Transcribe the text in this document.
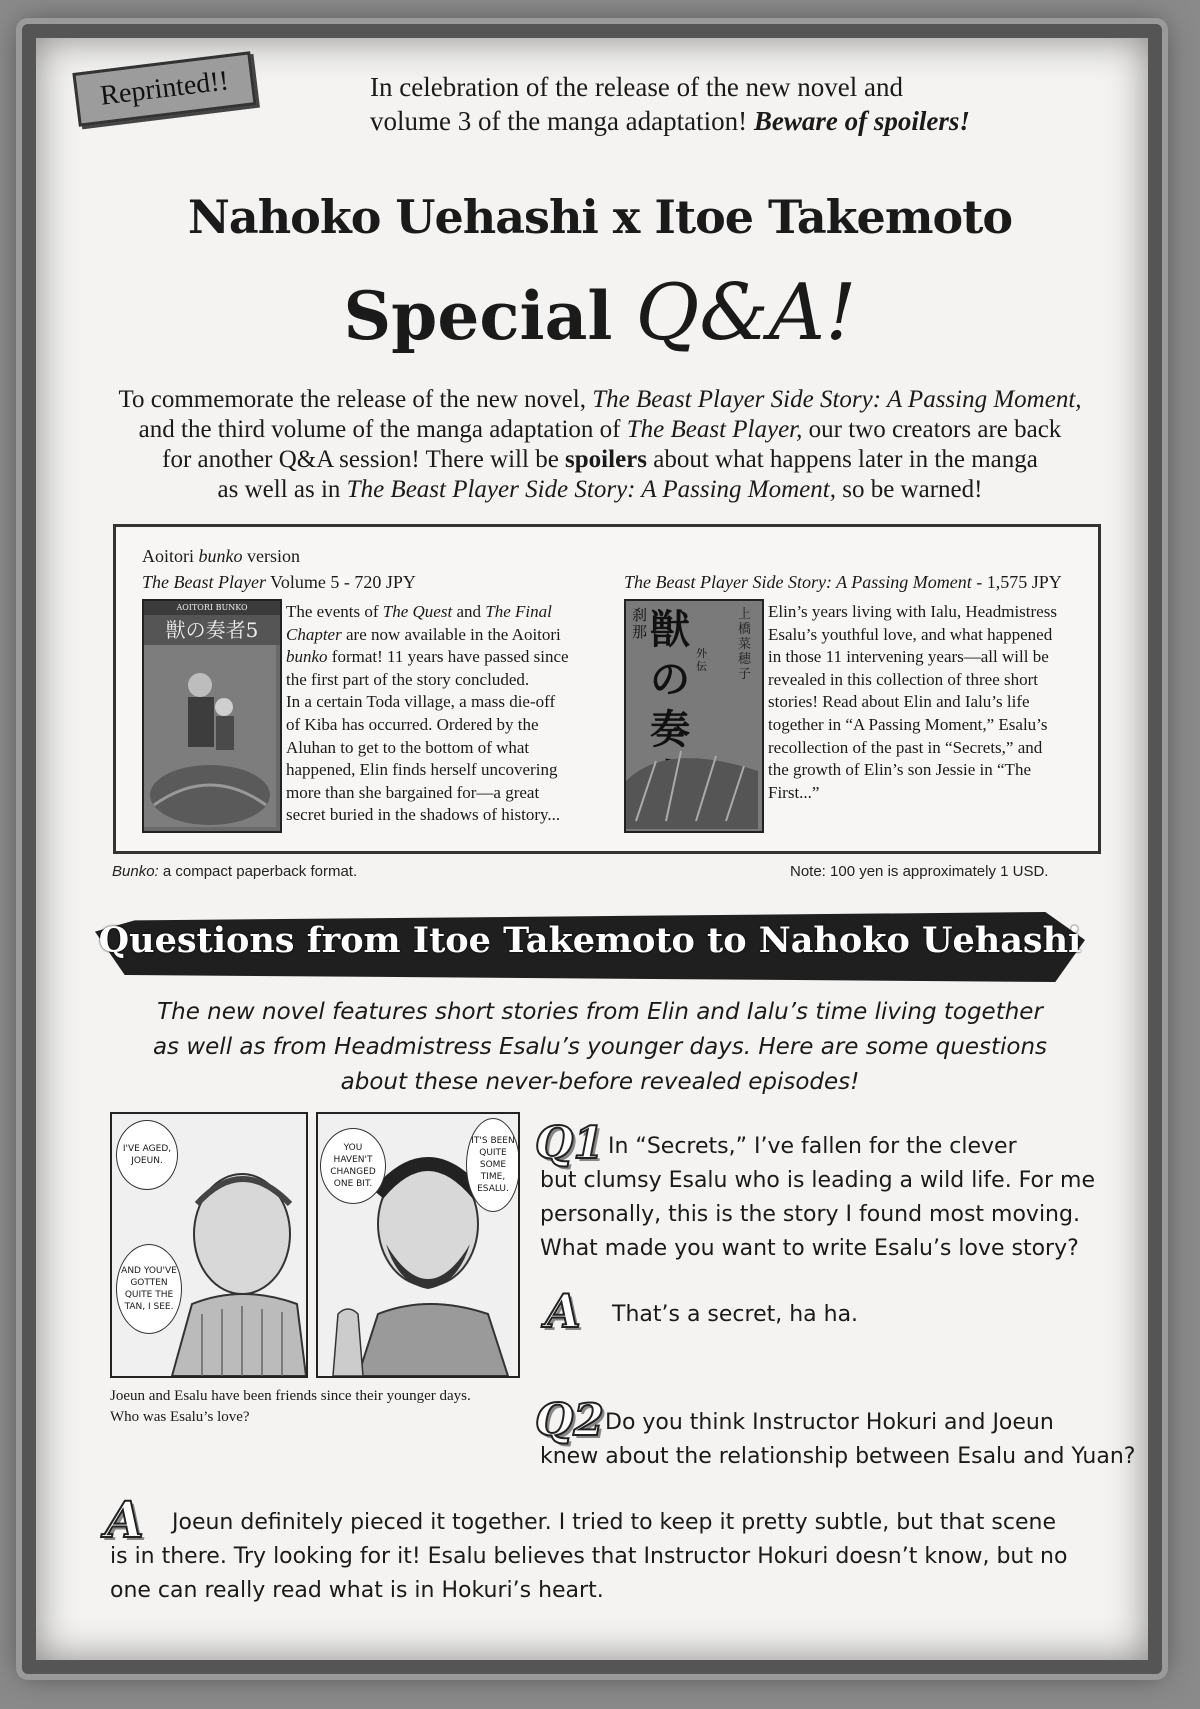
Reprinted!!	In celebration of the release of the new novel and
volume 3 of the manga adaptation! Beware of spoilers!
Nahoko Uehashi x Itoe Takemoto
Special Q&A!
To commemorate the release of the new novel, The Beast Player Side Story: A Passing Moment,
and the third volume of the manga adaptation of The Beast Player, our two creators are back
for another Q&A session! There will be spoilers about what happens later in the manga
as well as in The Beast Player Side Story: A Passing Moment, so be warned!
Aoitori bunko version
The Beast Player Volume 5 - 720 JPY
AOITORI BUNKO
獣の奏者5
The events of The Quest and The Final
Chapter are now available in the Aoitori
bunko format! 11 years have passed since
the first part of the story concluded.
In a certain Toda village, a mass die-off
of Kiba has occurred. Ordered by the
Aluhan to get to the bottom of what
happened, Elin finds herself uncovering
more than she bargained for—a great
secret buried in the shadows of history...
The Beast Player Side Story: A Passing Moment - 1,575 JPY
刹那 獣の奏
外伝
上橋菜穂子
Elin’s years living with Ialu, Headmistress
Esalu’s youthful love, and what happened
in those 11 intervening years—all will be
revealed in this collection of three short
stories! Read about Elin and Ialu’s life
together in “A Passing Moment,” Esalu’s
recollection of the past in “Secrets,” and
the growth of Elin’s son Jessie in “The
First...”
Bunko: a compact paperback format.	Note: 100 yen is approximately 1 USD.
Questions from Itoe Takemoto to Nahoko Uehashi
The new novel features short stories from Elin and Ialu’s time living together
as well as from Headmistress Esalu’s younger days. Here are some questions
about these never-before revealed episodes!
I'VE AGED, JOEUN.
AND YOU'VE GOTTEN QUITE THE TAN, I SEE.
YOU HAVEN'T CHANGED ONE BIT.
IT'S BEEN QUITE SOME TIME, ESALU.
Joeun and Esalu have been friends since their younger days.
Who was Esalu’s love?
Q1 In “Secrets,” I’ve fallen for the clever
but clumsy Esalu who is leading a wild life. For me
personally, this is the story I found most moving.
What made you want to write Esalu’s love story?
A That’s a secret, ha ha.
Q2 Do you think Instructor Hokuri and Joeun
knew about the relationship between Esalu and Yuan?
A Joeun definitely pieced it together. I tried to keep it pretty subtle, but that scene
is in there. Try looking for it! Esalu believes that Instructor Hokuri doesn’t know, but no
one can really read what is in Hokuri’s heart.
